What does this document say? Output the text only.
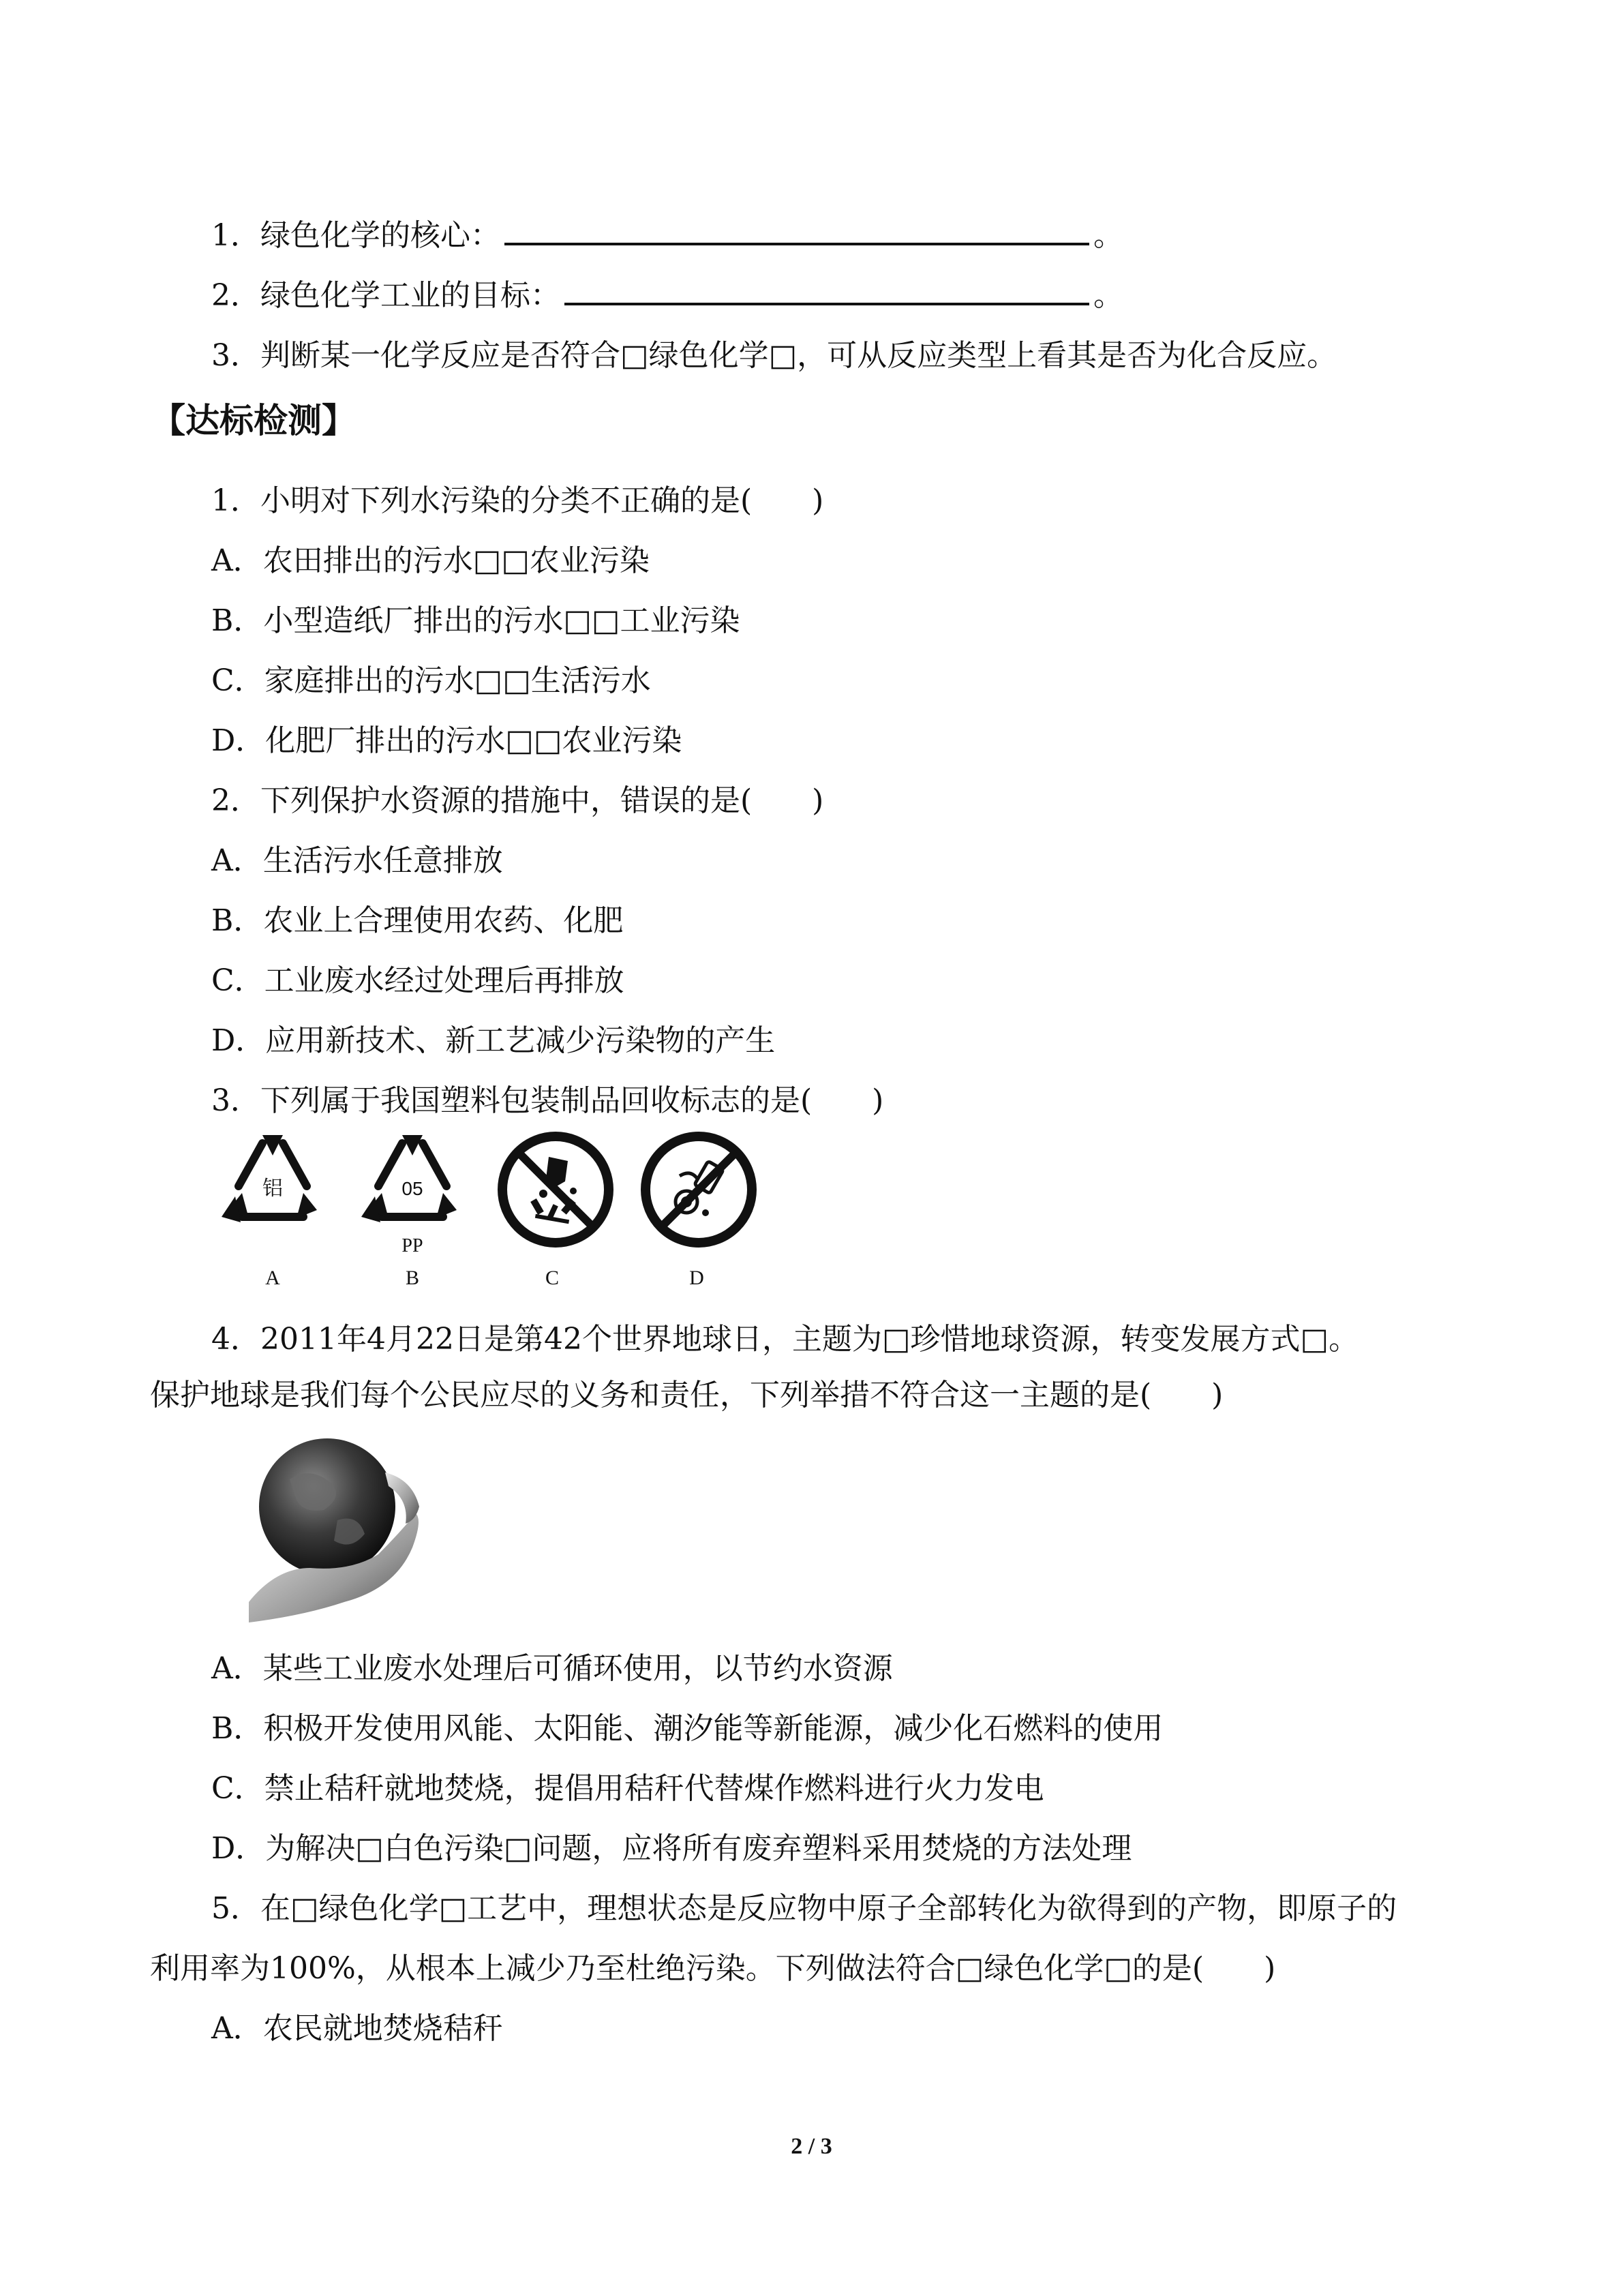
1．绿色化学的核心：	。
2．绿色化学工业的目标：	。
3．判断某一化学反应是否符合□绿色化学□，可从反应类型上看其是否为化合反应。
【达标检测】
1．小明对下列水污染的分类不正确的是(　　)
A．农田排出的污水□□农业污染
B．小型造纸厂排出的污水□□工业污染
C．家庭排出的污水□□生活污水
D．化肥厂排出的污水□□农业污染
2．下列保护水资源的措施中，错误的是(　　)
A．生活污水任意排放
B．农业上合理使用农药、化肥
C．工业废水经过处理后再排放
D．应用新技术、新工艺减少污染物的产生
3．下列属于我国塑料包装制品回收标志的是(　　)
铝
A
05
PP
B	C	D
4．2011年4月22日是第42个世界地球日，主题为□珍惜地球资源，转变发展方式□。
保护地球是我们每个公民应尽的义务和责任，下列举措不符合这一主题的是(　　)
A．某些工业废水处理后可循环使用，以节约水资源
B．积极开发使用风能、太阳能、潮汐能等新能源，减少化石燃料的使用
C．禁止秸秆就地焚烧，提倡用秸秆代替煤作燃料进行火力发电
D．为解决□白色污染□问题，应将所有废弃塑料采用焚烧的方法处理
5．在□绿色化学□工艺中，理想状态是反应物中原子全部转化为欲得到的产物，即原子的
利用率为100%，从根本上减少乃至杜绝污染。下列做法符合□绿色化学□的是(　　)
A．农民就地焚烧秸秆
2 / 3
